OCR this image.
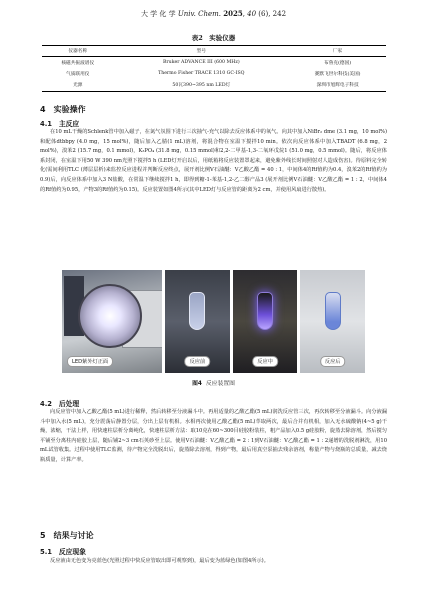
大 学 化 学 Univ. Chem. 2025, 40 (6), 242
表2　实验仪器
仪器名称	型号	厂家
核磁共振波谱仪	Bruker ADVANCE III (600 MHz)	布鲁克(德国)
气质联用仪	Thermo Fisher TRACE 1310 GC-ISQ	赛默飞世尔科技(美国)
光源	50瓦390~395 nm LED灯	深圳市旭辉电子科技
4　实验操作
4.1　主反应
在10 mL干燥的Schlenk管中加入磁子，在氮气氛围下进行三次抽气-充气以除去反应体系中的氧气。向其中加入NiBr₂ dme (3.1 mg，10 mol%)和配体dtbbpy (4.0 mg，15 mol%)，随后加入乙腈(1 mL)溶剂，将混合物在室温下搅拌10 min。依次向反应体系中加入TBADT (6.8 mg，2 mol%)，溴苯2 (15.7 mg，0.1 mmol)，K₃PO₄ (31.8 mg，0.15 mmol)和2,2-二甲基-1,3-二氧环戊烷1 (51.0 mg，0.5 mmol)。随后，将反应体系封闭，在室温下用50 W 390 nm光照下搅拌5 h (LED灯开启以后，用纸箱将反应装置罩起来，避免紫外线长时间照射对人造成伤害)。待原料完全转化(需间利用TLC (薄层层析)来监控反应进程并判断反应终点，展开剂比例V石油醚：V乙酸乙酯 = 40 : 1，中间体4的Rf值约为0.4，溴苯2的Rf值约为0.9)后，向反应体系中加入3 N盐酸，在常温下继续搅拌1 h，即得到糖-1-苯基-1,2-乙二醇产品3 (展开剂比例V石油醚：V乙酸乙酯 = 1 : 2，中间体4的Rf值约为0.95，产物3的Rf值约为0.15)。反应装置如图4所示(其中LED灯与反应管的距离为2 cm，并使用风扇进行散热)。
LED紫外灯正面	反应前	反应中	反应后
图4 反应装置图
4.2　后处理
向反应管中加入乙酸乙酯(5 mL)进行稀释，然后转移至分液漏斗中。再用适量的乙酸乙酯(5 mL)润洗反应管三次，再次转移至分液漏斗。向分液漏斗中加入水(5 mL)，充分震荡后静置分层，分出上层有机相。水相再次使用乙酸乙酯(5 mL)萃取两次，最后合并有机相，加入无水硫酸钠(4~5 g)干燥，浓缩，干法上样，用快速柱层析分离纯化，快速柱层析方法：取10克在60~300目硅胶粉装柱，粗产品加入0.5 g硅胶粉，旋蒸去除溶剂，然后搅匀平铺至分离柱内硅胶上层，随后铺2~3 cm石英砂至上层。使用V石油醚：V乙酸乙酯 = 2 : 1到V石油醚：V乙酸乙酯 = 1 : 2递增的洗脱剂淋洗，用10 mL试管收集。过程中使用TLC监测，待产物完全洗脱出后，旋蒸除去溶剂，得到产物，最后用真空泵抽去残余溶剂，称量产物与烧瓶的总质量，减去烧瓶质量，计算产率。
5　结果与讨论
5.1　反应现象
反应液由无色变为亮蓝色(光照过程中快反应管取出即可观察到)，最后变为蓝绿色(如图4所示)。
